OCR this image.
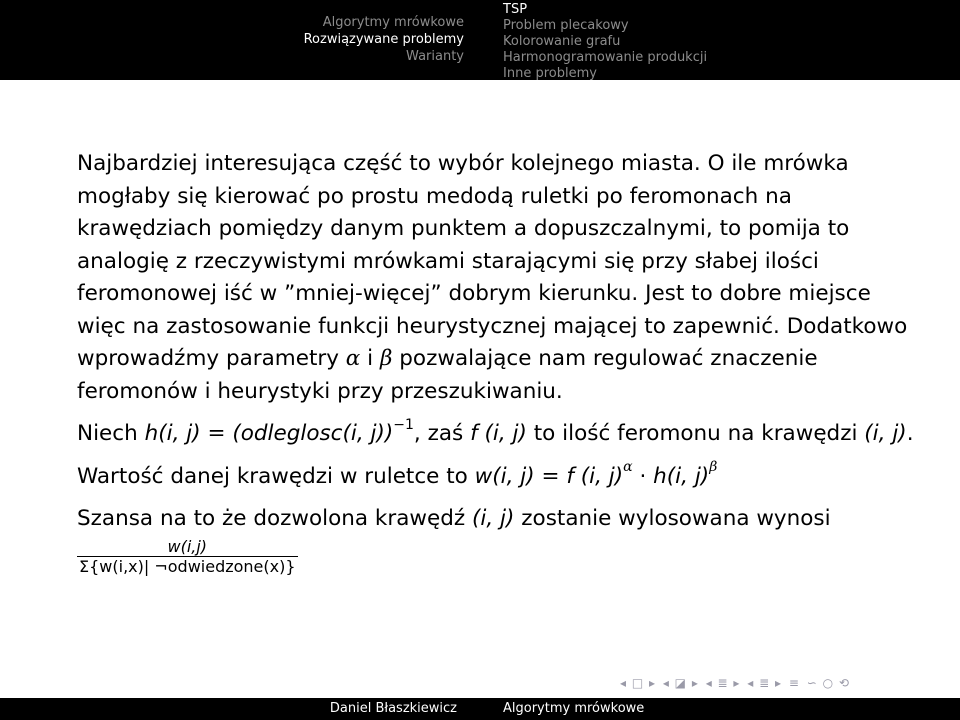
Algorytmy mrówkowe
Rozwiązywane problemy
Warianty
TSP
Problem plecakowy
Kolorowanie grafu
Harmonogramowanie produkcji
Inne problemy

Najbardziej interesująca część to wybór kolejnego miasta. O ile mrówka mogłaby się kierować po prostu medodą ruletki po feromonach na krawędziach pomiędzy danym punktem a dopuszczalnymi, to pomija to analogię z rzeczywistymi mrówkami starającymi się przy słabej ilości feromonowej iść w ”mniej-więcej” dobrym kierunku. Jest to dobre miejsce więc na zastosowanie funkcji heurystycznej mającej to zapewnić. Dodatkowo wprowadźmy parametry α i β pozwalające nam regulować znaczenie feromonów i heurystyki przy przeszukiwaniu.

Niech h(i, j) = (odleglosc(i, j))$^{-1}$, zaś f (i, j) to ilość feromonu na krawędzi (i, j).

Wartość danej krawędzi w ruletce to w(i, j) = f (i, j)$^\alpha$ · h(i, j)$^\beta$

Szansa na to że dozwolona krawędź (i, j) zostanie wylosowana wynosi

$\frac{w(i,j)}{\text{Σ\{w(i,x)| ¬odwiedzone(x)\}}}$
◂ □ ▸ ◂ ◪ ▸ ◂ ≣ ▸ ◂ ≣ ▸ ≡ ∽ ○ ⟲
Daniel Błaszkiewicz	Algorytmy mrówkowe
